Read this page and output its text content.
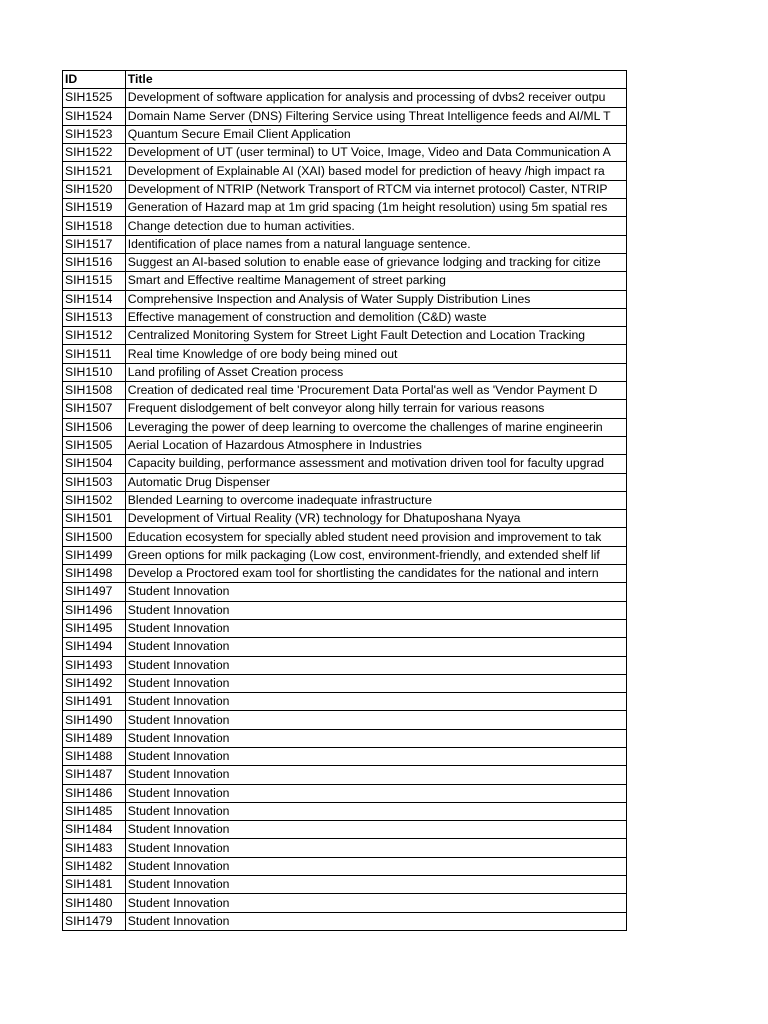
ID	Title
SIH1525	Development of software application for analysis and processing of dvbs2 receiver outpu
SIH1524	Domain Name Server (DNS) Filtering Service using Threat Intelligence feeds and AI/ML T
SIH1523	Quantum Secure Email Client Application
SIH1522	Development of UT (user terminal) to UT Voice, Image, Video and Data Communication A
SIH1521	Development of Explainable AI (XAI) based model for prediction of heavy /high impact ra
SIH1520	Development of NTRIP (Network Transport of RTCM via internet protocol) Caster, NTRIP
SIH1519	Generation of Hazard map at 1m grid spacing (1m height resolution) using 5m spatial res
SIH1518	Change detection due to human activities.
SIH1517	Identification of place names from a natural language sentence.
SIH1516	Suggest an AI-based solution to enable ease of grievance lodging and tracking for citize
SIH1515	Smart and Effective realtime Management of street parking
SIH1514	Comprehensive Inspection and Analysis of Water Supply Distribution Lines
SIH1513	Effective management of construction and demolition (C&D) waste
SIH1512	Centralized Monitoring System for Street Light Fault Detection and Location Tracking
SIH1511	Real time Knowledge of ore body being mined out
SIH1510	Land profiling of Asset Creation process
SIH1508	Creation of dedicated real time 'Procurement Data Portal'as well as 'Vendor Payment D
SIH1507	Frequent dislodgement of belt conveyor along hilly terrain for various reasons
SIH1506	Leveraging the power of deep learning to overcome the challenges of marine engineerin
SIH1505	Aerial Location of Hazardous Atmosphere in Industries
SIH1504	Capacity building, performance assessment and motivation driven tool for faculty upgrad
SIH1503	Automatic Drug Dispenser
SIH1502	Blended Learning to overcome inadequate infrastructure
SIH1501	Development of Virtual Reality (VR) technology for Dhatuposhana Nyaya
SIH1500	Education ecosystem for specially abled student need provision and improvement to tak
SIH1499	Green options for milk packaging (Low cost, environment-friendly, and extended shelf lif
SIH1498	Develop a Proctored exam tool for shortlisting the candidates for the national and intern
SIH1497	Student Innovation
SIH1496	Student Innovation
SIH1495	Student Innovation
SIH1494	Student Innovation
SIH1493	Student Innovation
SIH1492	Student Innovation
SIH1491	Student Innovation
SIH1490	Student Innovation
SIH1489	Student Innovation
SIH1488	Student Innovation
SIH1487	Student Innovation
SIH1486	Student Innovation
SIH1485	Student Innovation
SIH1484	Student Innovation
SIH1483	Student Innovation
SIH1482	Student Innovation
SIH1481	Student Innovation
SIH1480	Student Innovation
SIH1479	Student Innovation
